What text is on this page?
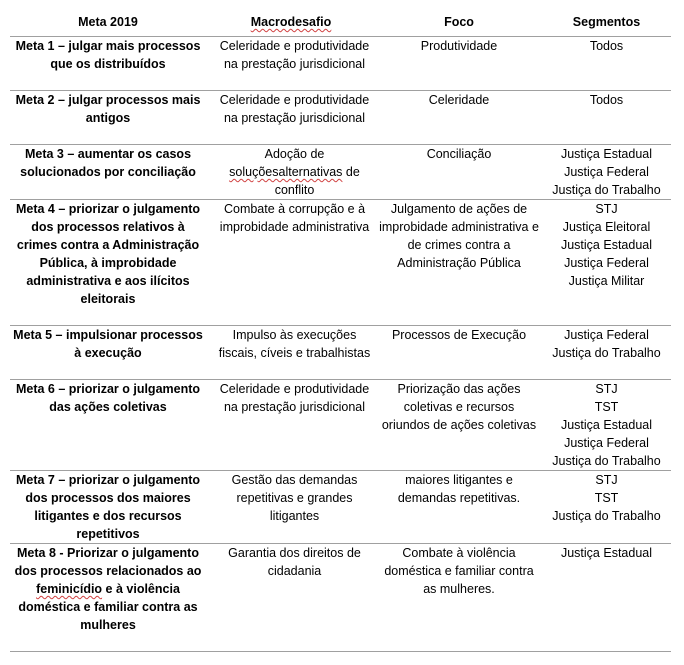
Meta 2019	Macrodesafio	Foco	Segmentos
Meta 1 – julgar mais processos que os distribuídos	Celeridade e produtividade na prestação jurisdicional	Produtividade	Todos

Meta 2 – julgar processos mais antigos	Celeridade e produtividade na prestação jurisdicional	Celeridade	Todos

Meta 3 – aumentar os casos solucionados por conciliação	Adoção de soluçõesalternativas de conflito	Conciliação	Justiça Estadual
Justiça Federal
Justiça do Trabalho

Meta 4 – priorizar o julgamento dos processos relativos à crimes contra a Administração Pública, à improbidade administrativa e aos ilícitos eleitorais	Combate à corrupção e à improbidade administrativa	Julgamento de ações de improbidade administrativa e de crimes contra a Administração Pública	STJ
Justiça Eleitoral
Justiça Estadual
Justiça Federal
Justiça Militar

Meta 5 – impulsionar processos à execução	Impulso às execuções fiscais, cíveis e trabalhistas	Processos de Execução	Justiça Federal
Justiça do Trabalho

Meta 6 – priorizar o julgamento das ações coletivas	Celeridade e produtividade na prestação jurisdicional	Priorização das ações coletivas e recursos oriundos de ações coletivas	STJ
TST
Justiça Estadual
Justiça Federal
Justiça do Trabalho

Meta 7 – priorizar o julgamento dos processos dos maiores litigantes e dos recursos repetitivos	Gestão das demandas repetitivas e grandes litigantes	maiores litigantes e demandas repetitivas.	STJ
TST
Justiça do Trabalho

Meta 8 - Priorizar o julgamento dos processos relacionados ao feminicídio e à violência doméstica e familiar contra as mulheres	Garantia dos direitos de cidadania	Combate à violência doméstica e familiar contra as mulheres.	Justiça Estadual
